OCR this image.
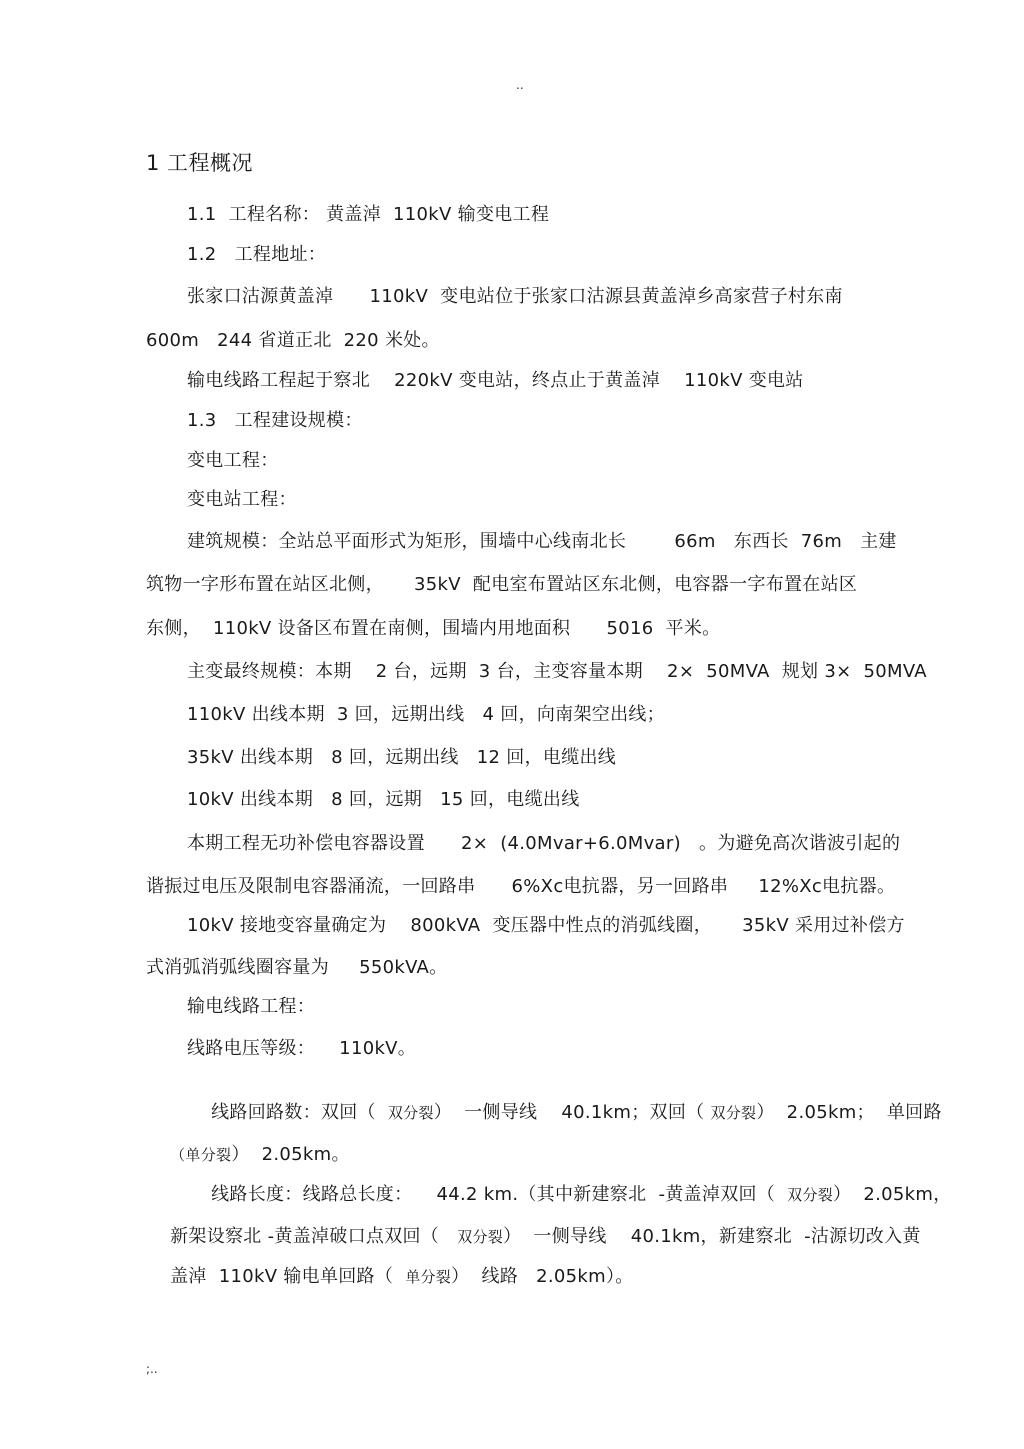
..
1 工程概况
1.1  工程名称： 黄盖淖  110kV 输变电工程
1.2   工程地址：
张家口沽源黄盖淖      110kV  变电站位于张家口沽源县黄盖淖乡高家营子村东南
600m   244 省道正北  220 米处。
输电线路工程起于察北    220kV 变电站，终点止于黄盖淖    110kV 变电站
1.3   工程建设规模：
变电工程：
变电站工程：
建筑规模：全站总平面形式为矩形，围墙中心线南北长        66m   东西长  76m   主建
筑物一字形布置在站区北侧，     35kV  配电室布置站区东北侧，电容器一字布置在站区
东侧，  110kV 设备区布置在南侧，围墙内用地面积      5016  平米。
主变最终规模：本期    2 台，远期  3 台，主变容量本期    2×  50MVA  规划 3×  50MVA
110kV 出线本期  3 回，远期出线   4 回，向南架空出线；
35kV 出线本期   8 回，远期出线   12 回，电缆出线
10kV 出线本期   8 回，远期   15 回，电缆出线
本期工程无功补偿电容器设置      2×  (4.0Mvar+6.0Mvar)   。为避免高次谐波引起的
谐振过电压及限制电容器涌流，一回路串      6%Xc电抗器，另一回路串     12%Xc电抗器。
10kV 接地变容量确定为    800kVA  变压器中性点的消弧线圈，     35kV 采用过补偿方
式消弧消弧线圈容量为     550kVA。
输电线路工程：
线路电压等级：    110kV。

线路回路数：双回（  双分裂）  一侧导线    40.1km；双回（ 双分裂）  2.05km；  单回路

（单分裂）  2.05km。

线路长度：线路总长度：    44.2 km.（其中新建察北  -黄盖淖双回（  双分裂）  2.05km，

新架设察北 -黄盖淖破口点双回（   双分裂）  一侧导线    40.1km，新建察北  -沽源切改入黄

盖淖  110kV 输电单回路（  单分裂）  线路   2.05km）。

;..
